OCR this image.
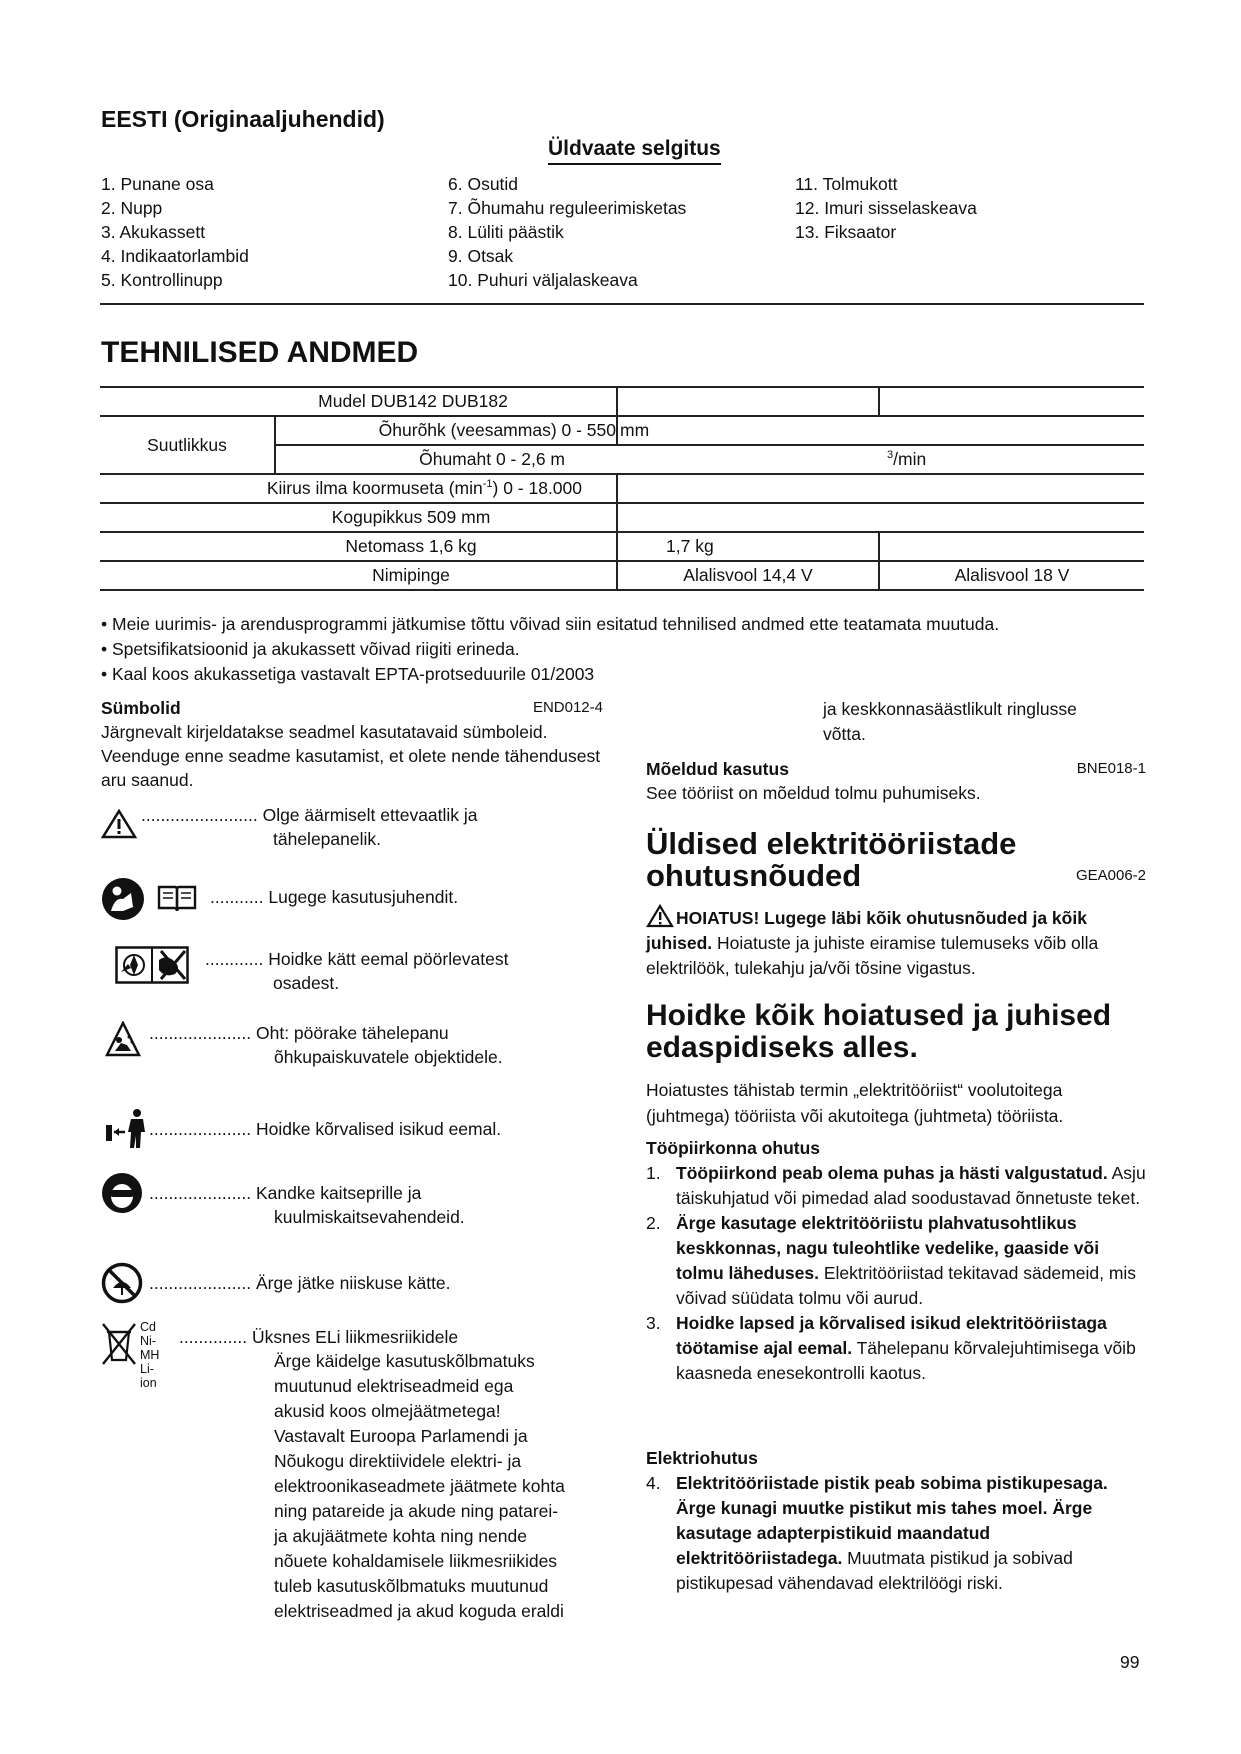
EESTI (Originaaljuhendid)
Üldvaate selgitus
1. Punane osa
2. Nupp
3. Akukassett
4. Indikaatorlambid
5. Kontrollinupp
6. Osutid
7. Õhumahu reguleerimisketas
8. Lüliti päästik
9. Otsak
10. Puhuri väljalaskeava
11. Tolmukott
12. Imuri sisselaskeava
13. Fiksaator
TEHNILISED ANDMED
Mudel DUB142 DUB182			
Suutlikkus	Õhurõhk (veesammas) 0 - 550	mm	
	Õhumaht 0 - 2,6 m	$^3$/min	
Kiirus ilma koormuseta $(\min^{-1})$ 0 - 18.000			
Kogupikkus 509 mm			
Netomass 1,6 kg		1,7 kg	
Nimipinge		Alalisvool 14,4 V	Alalisvool 18 V
• Meie uurimis- ja arendusprogrammi jätkumise tõttu võivad siin esitatud tehnilised andmed ette teatamata muutuda.
• Spetsifikatsioonid ja akukassett võivad riigiti erineda.
• Kaal koos akukassetiga vastavalt EPTA-protseduurile 01/2003
Sümbolid	END012-4
Järgnevalt kirjeldatakse seadmel kasutatavaid sümboleid. Veenduge enne seadme kasutamist, et olete nende tähendusest aru saanud.
........................ Olge äärmiselt ettevaatlik ja
tähelepanelik.
........... Lugege kasutusjuhendit.
............ Hoidke kätt eemal pöörlevatest
osadest.
..................... Oht: pöörake tähelepanu
õhkupaiskuvatele objektidele.
..................... Hoidke kõrvalised isikud eemal.
..................... Kandke kaitseprille ja
kuulmiskaitsevahendeid.
..................... Ärge jätke niiskuse kätte.
Cd
Ni-MH
Li-ion
.............. Üksnes ELi liikmesriikidele
Ärge käidelge kasutuskõlbmatuks
muutunud elektriseadmeid ega
akusid koos olmejäätmetega!
Vastavalt Euroopa Parlamendi ja
Nõukogu direktiividele elektri- ja
elektroonikaseadmete jäätmete kohta
ning patareide ja akude ning patarei-
ja akujäätmete kohta ning nende
nõuete kohaldamisele liikmesriikides
tuleb kasutuskõlbmatuks muutunud
elektriseadmed ja akud koguda eraldi
ja keskkonnasäästlikult ringlusse
võtta.
Mõeldud kasutus	BNE018-1
See tööriist on mõeldud tolmu puhumiseks.
Üldised elektritööriistade
ohutusnõuded	GEA006-2
HOIATUS! Lugege läbi kõik ohutusnõuded ja kõik juhised. Hoiatuste ja juhiste eiramise tulemuseks võib olla elektrilöök, tulekahju ja/või tõsine vigastus.
Hoidke kõik hoiatused ja juhised
edaspidiseks alles.
Hoiatustes tähistab termin „elektritööriist“ voolutoitega (juhtmega) tööriista või akutoitega (juhtmeta) tööriista.
Tööpiirkonna ohutus
1. Tööpiirkond peab olema puhas ja hästi valgustatud. Asju täiskuhjatud või pimedad alad soodustavad õnnetuste teket.
2. Ärge kasutage elektritööriistu plahvatusohtlikus keskkonnas, nagu tuleohtlike vedelike, gaaside või tolmu läheduses. Elektritööriistad tekitavad sädemeid, mis võivad süüdata tolmu või aurud.
3. Hoidke lapsed ja kõrvalised isikud elektritööriistaga töötamise ajal eemal. Tähelepanu kõrvalejuhtimisega võib kaasneda enesekontrolli kaotus.
Elektriohutus
4. Elektritööriistade pistik peab sobima pistikupesaga. Ärge kunagi muutke pistikut mis tahes moel. Ärge kasutage adapterpistikuid maandatud elektritööriistadega. Muutmata pistikud ja sobivad pistikupesad vähendavad elektrilöögi riski.
99
